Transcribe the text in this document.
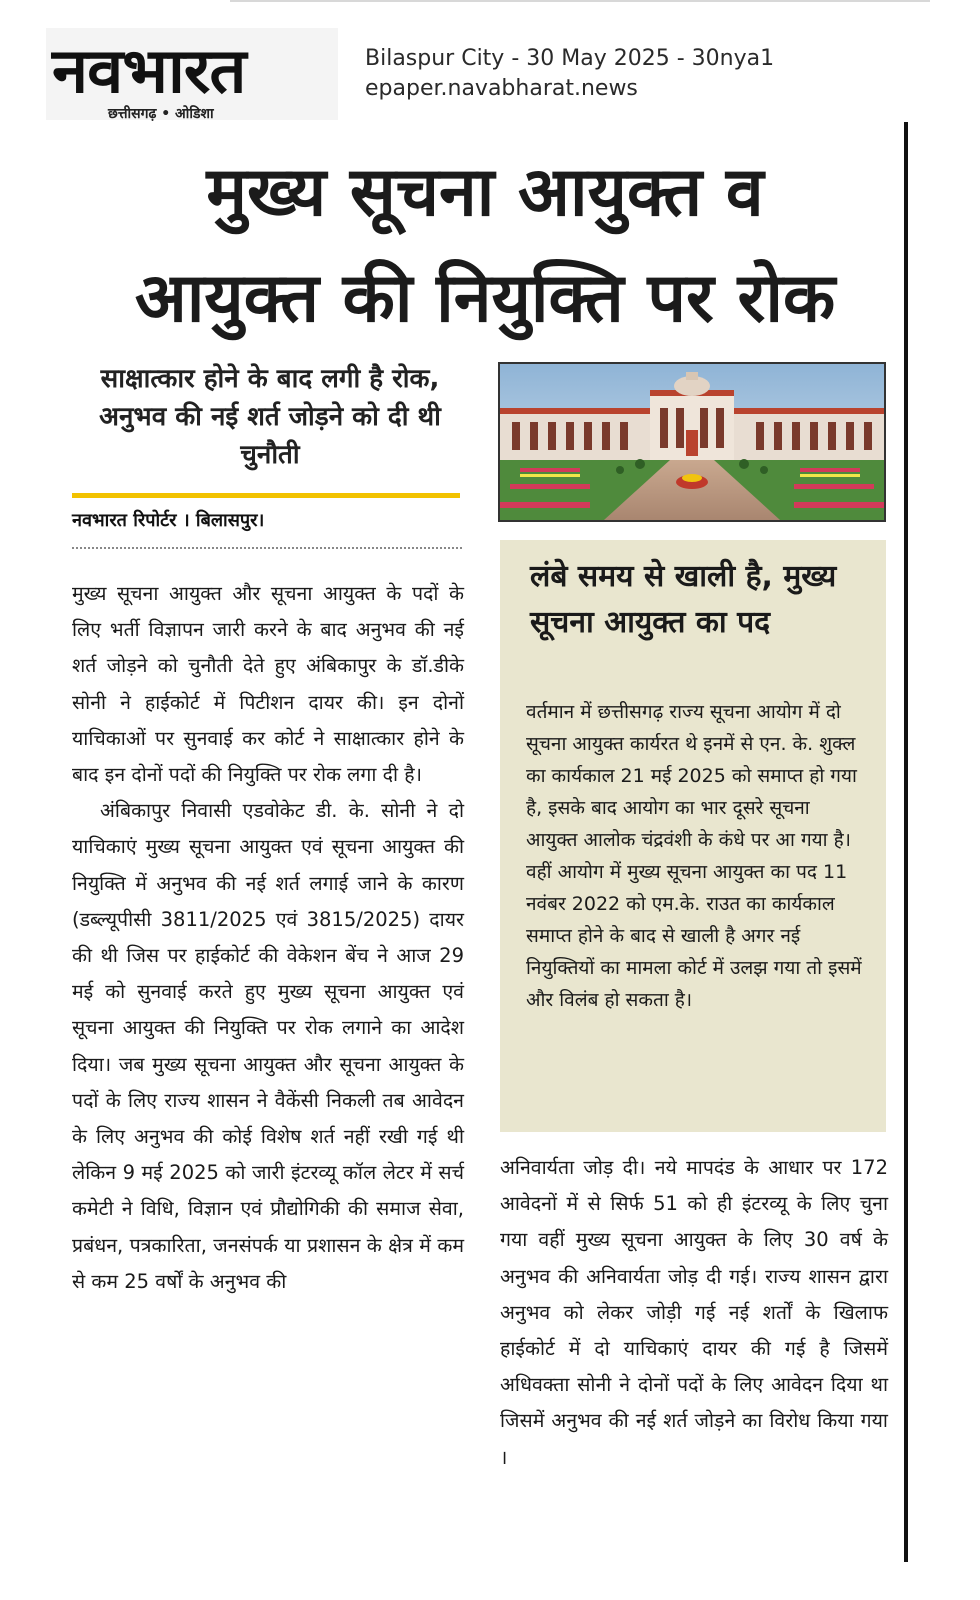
नवभारत
छत्तीसगढ़ • ओडिशा
Bilaspur City - 30 May 2025 - 30nya1
epaper.navabharat.news
मुख्य सूचना आयुक्त व
आयुक्त की नियुक्ति पर रोक
साक्षात्कार होने के बाद लगी है रोक, अनुभव की नई शर्त जोड़ने को दी थी चुनौती
नवभारत रिपोर्टर । बिलासपुर।
लंबे समय से खाली है, मुख्य सूचना आयुक्त का पद
वर्तमान में छत्तीसगढ़ राज्य सूचना आयोग में दो सूचना आयुक्त कार्यरत थे इनमें से एन. के. शुक्ल का कार्यकाल 21 मई 2025 को समाप्त हो गया है, इसके बाद आयोग का भार दूसरे सूचना आयुक्त आलोक चंद्रवंशी के कंधे पर आ गया है। वहीं आयोग में मुख्य सूचना आयुक्त का पद 11 नवंबर 2022 को एम.के. राउत का कार्यकाल समाप्त होने के बाद से खाली है अगर नई नियुक्तियों का मामला कोर्ट में उलझ गया तो इसमें और विलंब हो सकता है।

मुख्य सूचना आयुक्त और सूचना आयुक्त के पदों के लिए भर्ती विज्ञापन जारी करने के बाद अनुभव की नई शर्त जोड़ने को चुनौती देते हुए अंबिकापुर के डॉ.डीके सोनी ने हाईकोर्ट में पिटीशन दायर की। इन दोनों याचिकाओं पर सुनवाई कर कोर्ट ने साक्षात्कार होने के बाद इन दोनों पदों की नियुक्ति पर रोक लगा दी है।

अंबिकापुर निवासी एडवोकेट डी. के. सोनी ने दो याचिकाएं मुख्य सूचना आयुक्त एवं सूचना आयुक्त की नियुक्ति में अनुभव की नई शर्त लगाई जाने के कारण (डब्ल्यूपीसी 3811/2025 एवं 3815/2025) दायर की थी जिस पर हाईकोर्ट की वेकेशन बेंच ने आज 29 मई को सुनवाई करते हुए मुख्य सूचना आयुक्त एवं सूचना आयुक्त की नियुक्ति पर रोक लगाने का आदेश दिया। जब मुख्य सूचना आयुक्त और सूचना आयुक्त के पदों के लिए राज्य शासन ने वैकेंसी निकली तब आवेदन के लिए अनुभव की कोई विशेष शर्त नहीं रखी गई थी लेकिन 9 मई 2025 को जारी इंटरव्यू कॉल लेटर में सर्च कमेटी ने विधि, विज्ञान एवं प्रौद्योगिकी की समाज सेवा, प्रबंधन, पत्रकारिता, जनसंपर्क या प्रशासन के क्षेत्र में कम से कम 25 वर्षों के अनुभव की

अनिवार्यता जोड़ दी। नये मापदंड के आधार पर 172 आवेदनों में से सिर्फ 51 को ही इंटरव्यू के लिए चुना गया वहीं मुख्य सूचना आयुक्त के लिए 30 वर्ष के अनुभव की अनिवार्यता जोड़ दी गई। राज्य शासन द्वारा अनुभव को लेकर जोड़ी गई नई शर्तों के खिलाफ हाईकोर्ट में दो याचिकाएं दायर की गई है जिसमें अधिवक्ता सोनी ने दोनों पदों के लिए आवेदन दिया था जिसमें अनुभव की नई शर्त जोड़ने का विरोध किया गया ।
